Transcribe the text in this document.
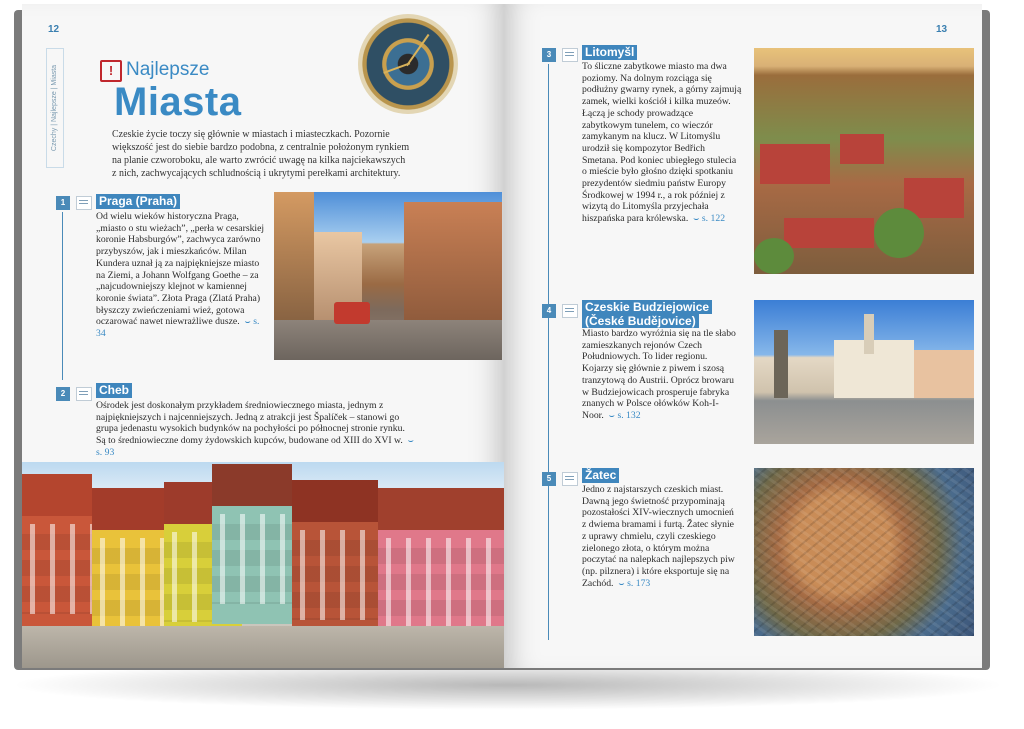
12
Czechy | Najlepsze | Miasta	! Najlepsze
Miasta
Czeskie życie toczy się głównie w miastach i miasteczkach. Pozornie większość jest do siebie bardzo podobna, z centralnie położonym rynkiem na planie czworoboku, ale warto zwrócić uwagę na kilka najciekawszych z nich, zachwycających schludnością i ukrytymi perełkami architektury.
1	Praga (Praha)
Od wielu wieków historyczna Praga, „miasto o stu wieżach”, „perła w cesarskiej koronie Habsburgów”, zachwyca zarówno przybyszów, jak i mieszkańców. Milan Kundera uznał ją za najpiękniejsze miasto na Ziemi, a Johann Wolfgang Goethe – za „najcudowniejszy klejnot w kamiennej koronie świata”. Złota Praga (Zlatá Praha) błyszczy zwieńczeniami wież, gotowa oczarować nawet niewrażliwe dusze.  ⌣ s. 34
2	Cheb
Ośrodek jest doskonałym przykładem średniowiecznego miasta, jednym z najpiękniejszych i najcenniejszych. Jedną z atrakcji jest Špalíček – stanowi go grupa jedenastu wysokich budynków na pochyłości po północnej stronie rynku. Są to średniowieczne domy żydowskich kupców, budowane od XIII do XVI w.  ⌣ s. 93
13
3	Litomyšl
To śliczne zabytkowe miasto ma dwa poziomy. Na dolnym rozciąga się podłużny gwarny rynek, a górny zajmują zamek, wielki kościół i kilka muzeów. Łączą je schody prowadzące zabytkowym tunelem, co wieczór zamykanym na klucz. W Litomyślu urodził się kompozytor Bedřich Smetana. Pod koniec ubiegłego stulecia o mieście było głośno dzięki spotkaniu prezydentów siedmiu państw Europy Środkowej w 1994 r., a rok później z wizytą do Litomyśla przyjechała hiszpańska para królewska.  ⌣ s. 122
4	Czeskie Budziejowice
(České Budějovice)
Miasto bardzo wyróżnia się na tle słabo zamieszkanych rejonów Czech Południowych. To lider regionu. Kojarzy się głównie z piwem i szosą tranzytową do Austrii. Oprócz browaru w Budziejowicach prosperuje fabryka znanych w Polsce ołówków Koh-I-Noor.  ⌣ s. 132
5	Žatec
Jedno z najstarszych czeskich miast. Dawną jego świetność przypominają pozostałości XIV-wiecznych umocnień z dwiema bramami i furtą. Žatec słynie z uprawy chmielu, czyli czeskiego zielonego złota, o którym można poczytać na nalepkach najlepszych piw (np. pilznera) i które eksportuje się na Zachód.  ⌣ s. 173
